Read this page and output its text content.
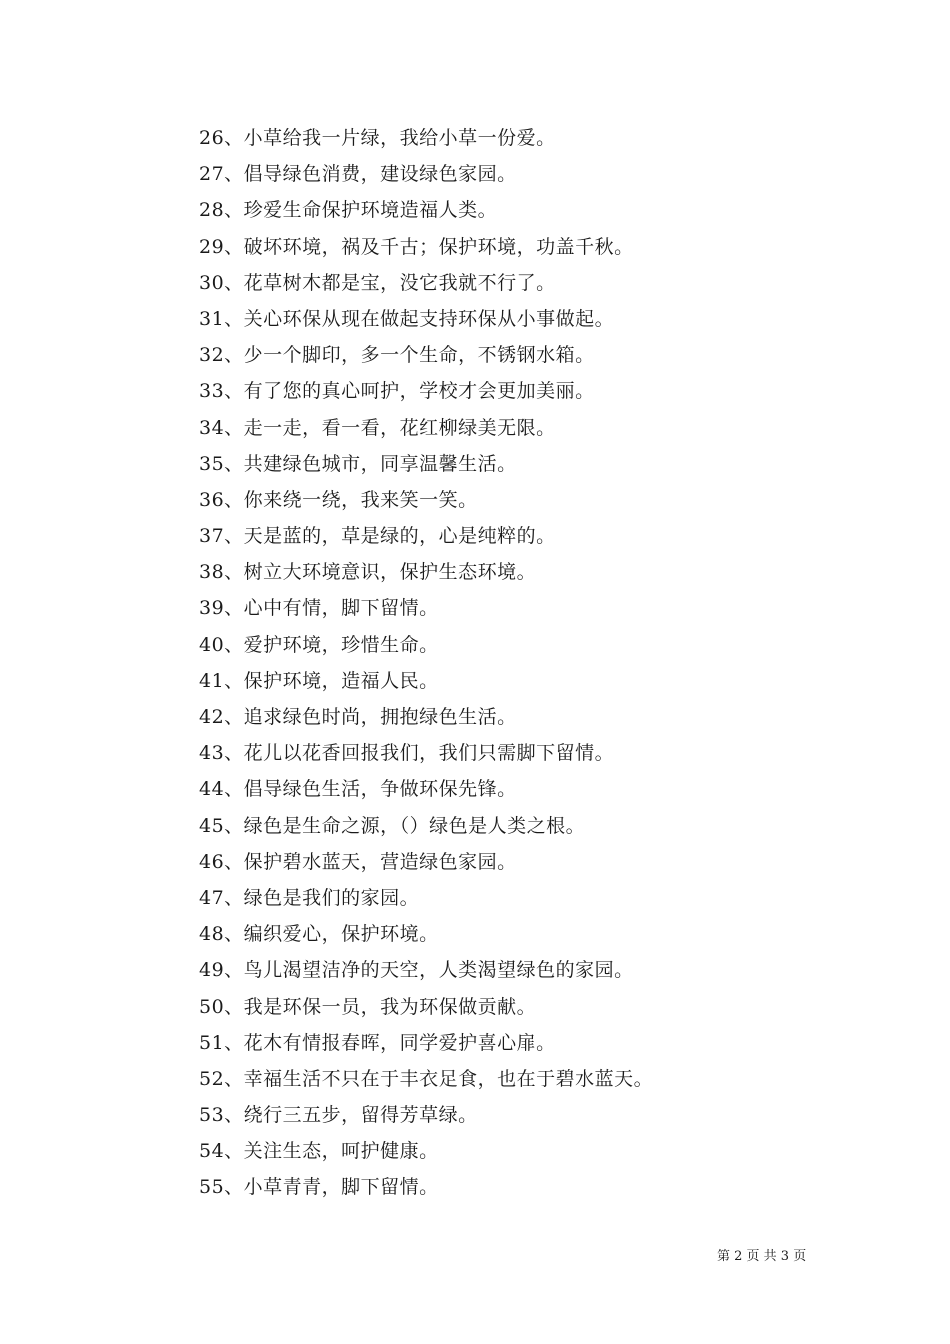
26、小草给我一片绿，我给小草一份爱。
27、倡导绿色消费，建设绿色家园。
28、珍爱生命保护环境造福人类。
29、破坏环境，祸及千古；保护环境，功盖千秋。
30、花草树木都是宝，没它我就不行了。
31、关心环保从现在做起支持环保从小事做起。
32、少一个脚印，多一个生命，不锈钢水箱。
33、有了您的真心呵护，学校才会更加美丽。
34、走一走，看一看，花红柳绿美无限。
35、共建绿色城市，同享温馨生活。
36、你来绕一绕，我来笑一笑。
37、天是蓝的，草是绿的，心是纯粹的。
38、树立大环境意识，保护生态环境。
39、心中有情，脚下留情。
40、爱护环境，珍惜生命。
41、保护环境，造福人民。
42、追求绿色时尚，拥抱绿色生活。
43、花儿以花香回报我们，我们只需脚下留情。
44、倡导绿色生活，争做环保先锋。
45、绿色是生命之源，（）绿色是人类之根。
46、保护碧水蓝天，营造绿色家园。
47、绿色是我们的家园。
48、编织爱心，保护环境。
49、鸟儿渴望洁净的天空，人类渴望绿色的家园。
50、我是环保一员，我为环保做贡献。
51、花木有情报春晖，同学爱护喜心扉。
52、幸福生活不只在于丰衣足食，也在于碧水蓝天。
53、绕行三五步，留得芳草绿。
54、关注生态，呵护健康。
55、小草青青，脚下留情。
第 2 页 共 3 页
